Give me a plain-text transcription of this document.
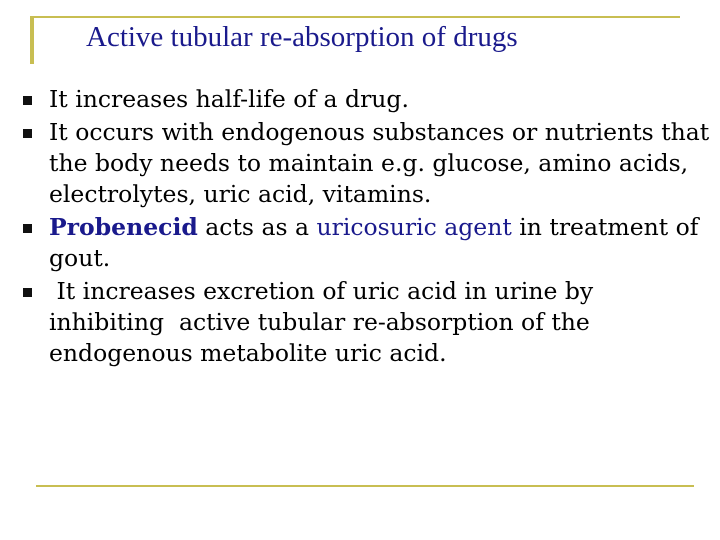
Active tubular re-absorption of drugs
It increases half-life of a drug.
It occurs with endogenous substances or nutrients that the body needs to maintain e.g. glucose, amino acids, electrolytes, uric acid, vitamins.
Probenecid acts as a uricosuric agent in treatment of gout.
It increases excretion of uric acid in urine by inhibiting  active tubular re-absorption of the endogenous metabolite uric acid.
